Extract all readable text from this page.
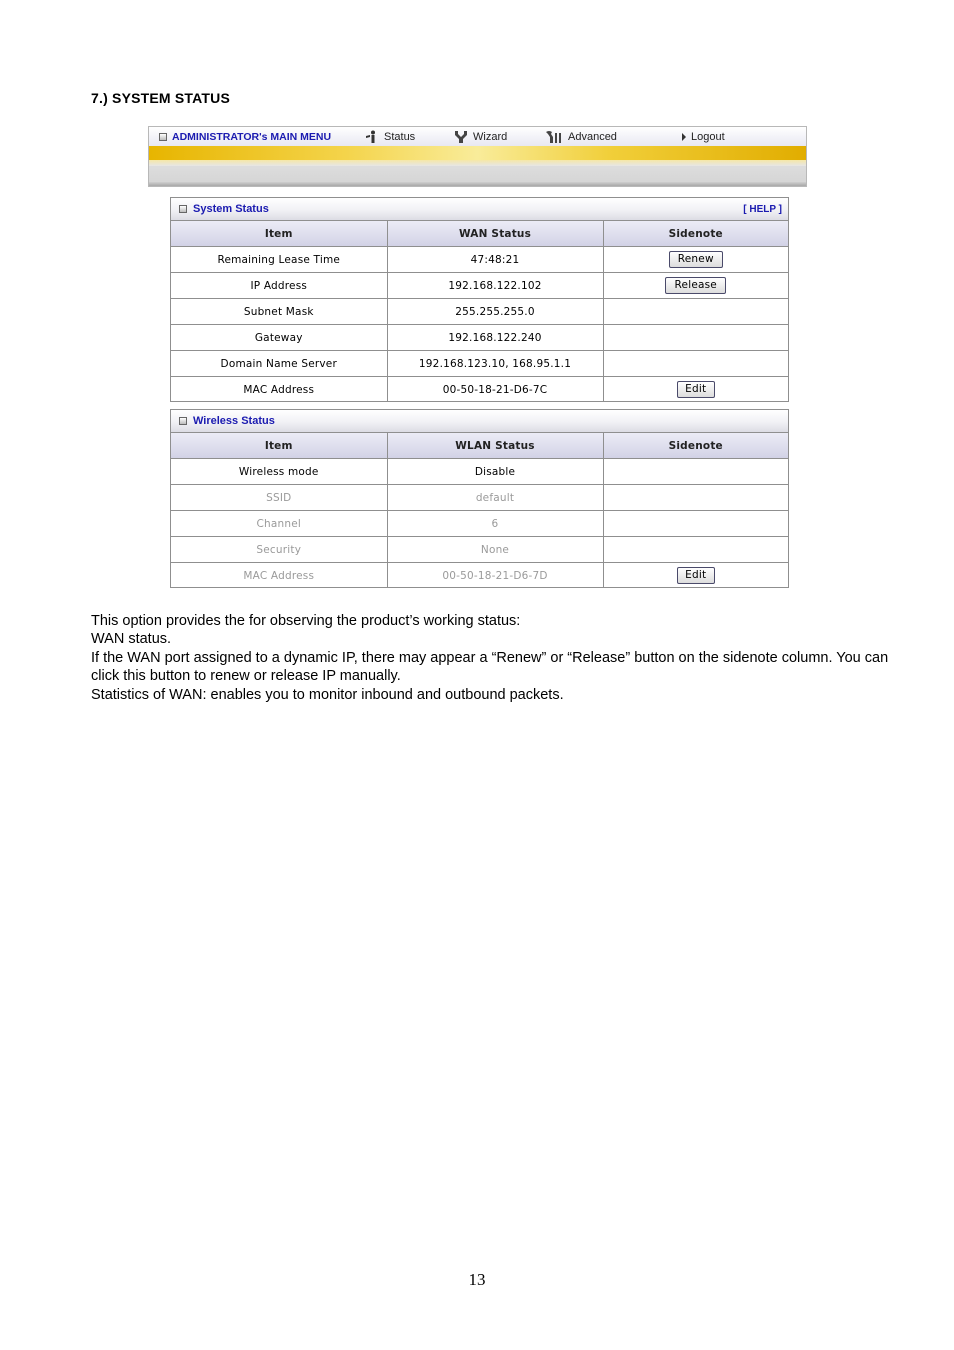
7.) SYSTEM STATUS
ADMINISTRATOR's MAIN MENU	Status	Wizard	Advanced	Logout
System Status	[ HELP ]
Item	WAN Status	Sidenote
Remaining Lease Time	47:48:21	Renew
IP Address	192.168.122.102	Release
Subnet Mask	255.255.255.0	
Gateway	192.168.122.240	
Domain Name Server	192.168.123.10, 168.95.1.1	
MAC Address	00-50-18-21-D6-7C	Edit
Wireless Status
Item	WLAN Status	Sidenote
Wireless mode	Disable	
SSID	default	
Channel	6	
Security	None	
MAC Address	00-50-18-21-D6-7D	Edit

This option provides the for observing the product’s working status:

WAN status.

If the WAN port assigned to a dynamic IP, there may appear a “Renew” or “Release” button on the sidenote column. You can click this button to renew or release IP manually.

Statistics of WAN: enables you to monitor inbound and outbound packets.

13
